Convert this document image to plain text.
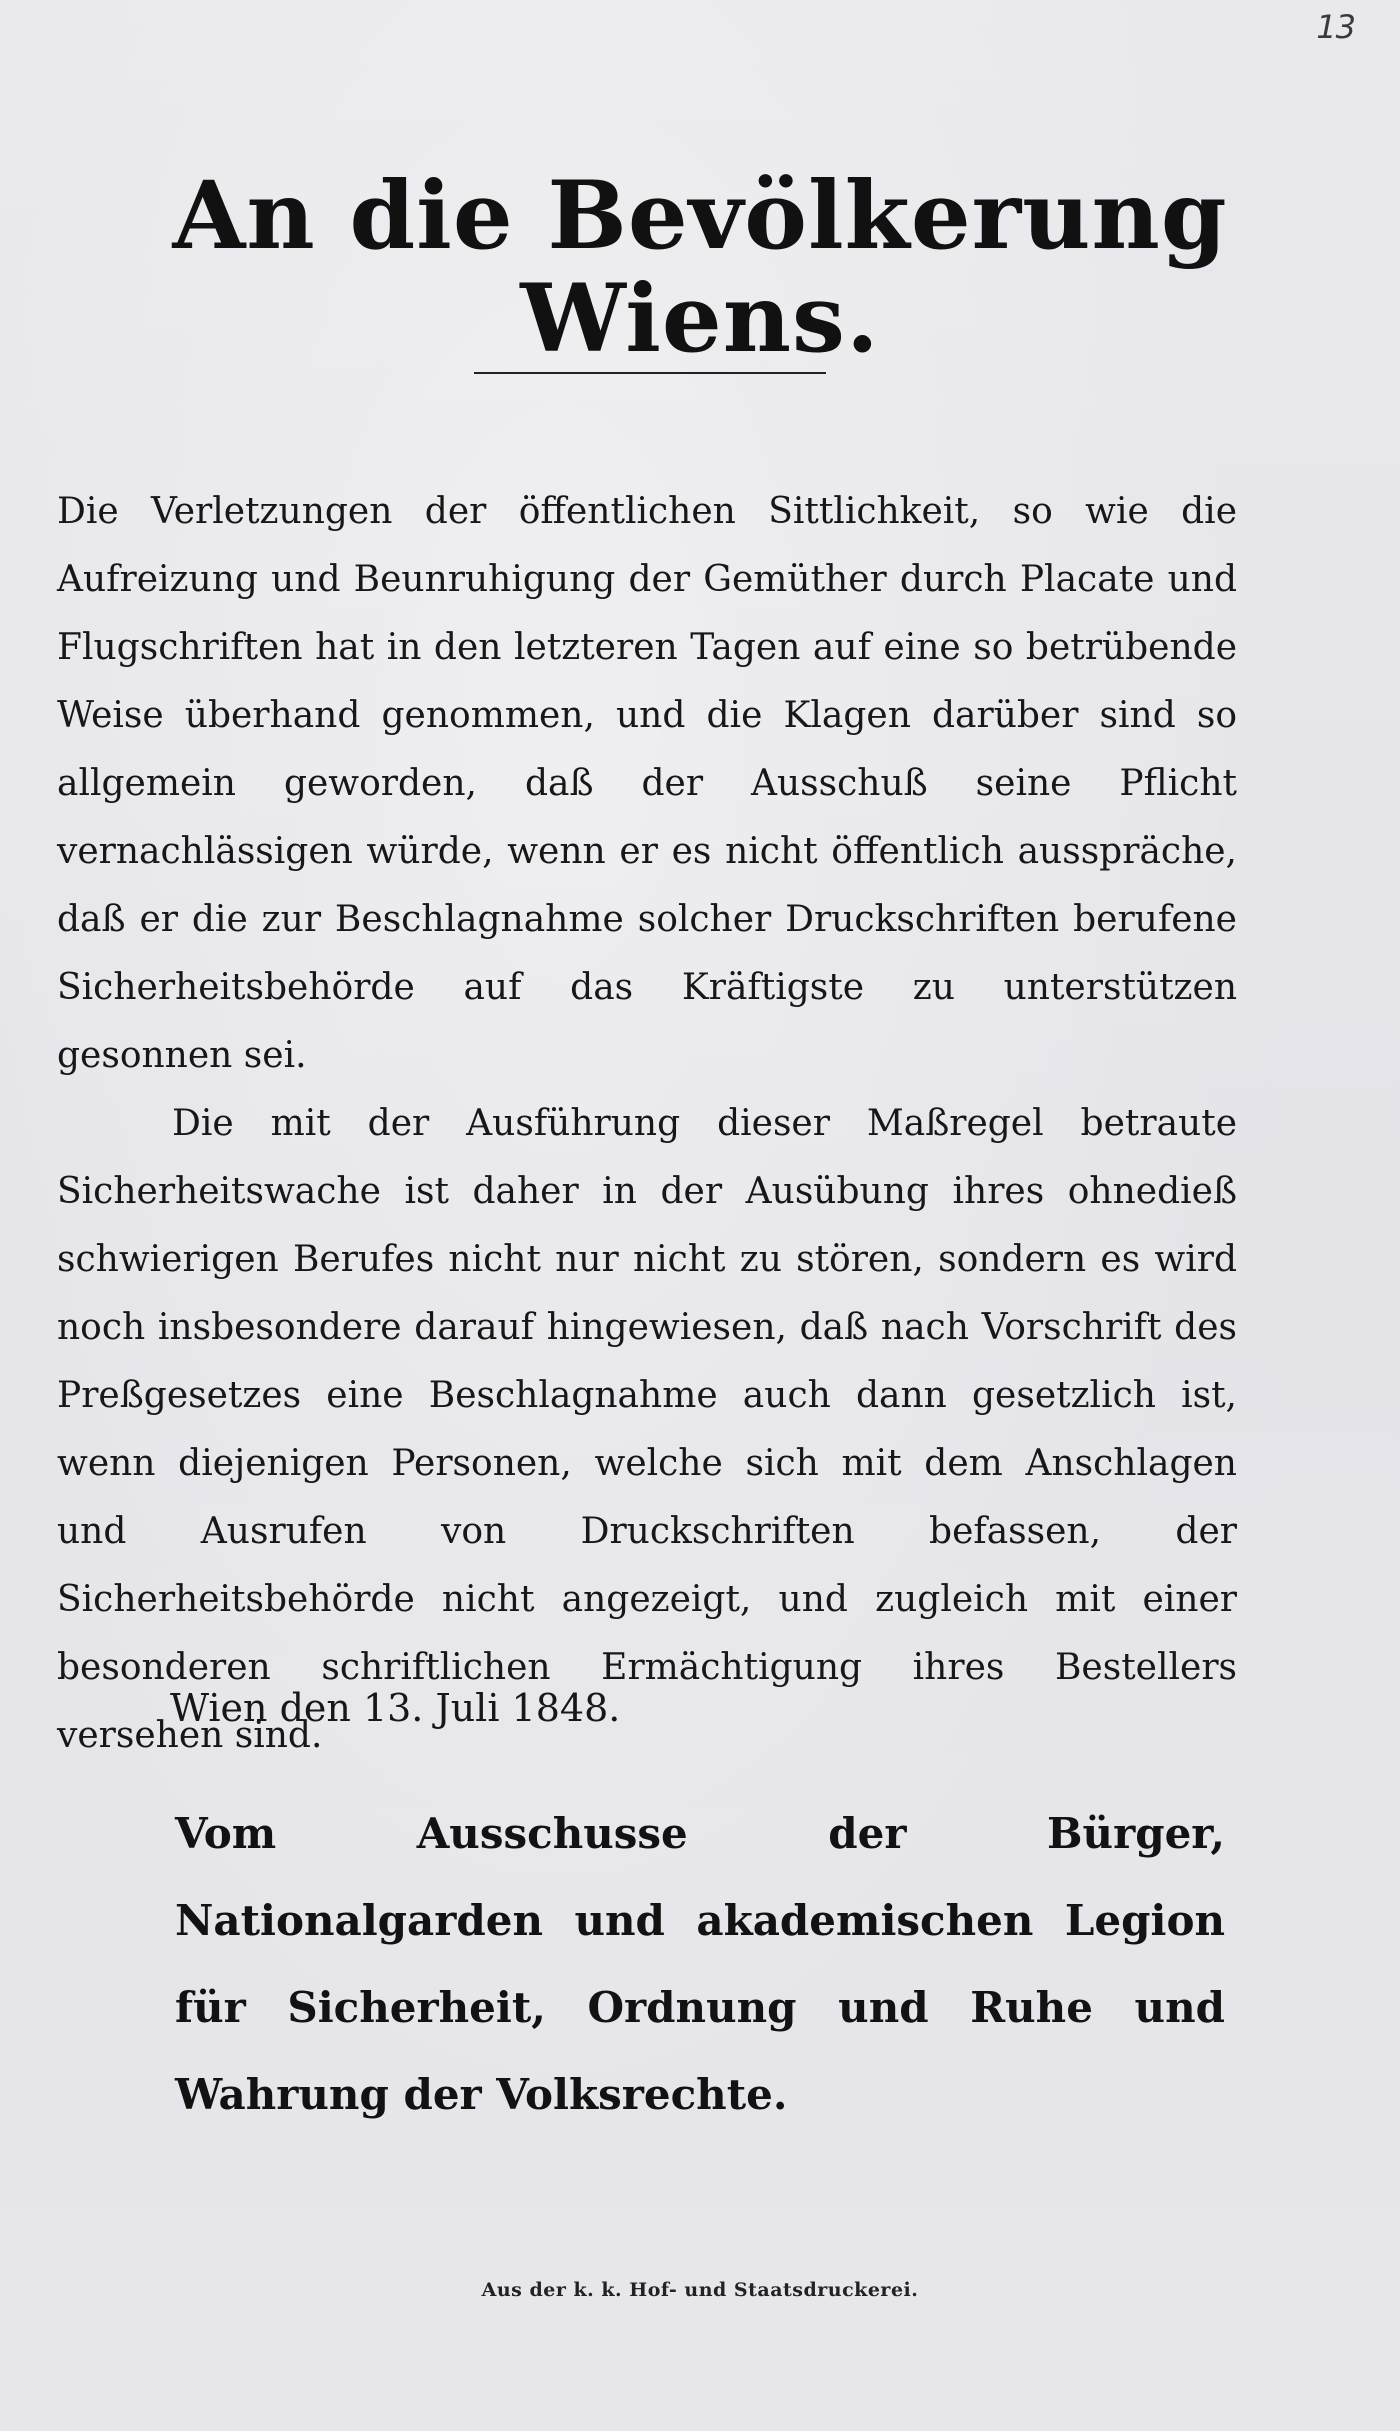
13
An die Bevölkerung Wiens.

Die Verletzungen der öffentlichen Sittlichkeit, so wie die Aufreizung und Beunruhigung der Gemüther durch Placate und Flugschriften hat in den letzteren Tagen auf eine so betrübende Weise überhand genommen, und die Klagen darüber sind so allgemein geworden, daß der Ausschuß seine Pflicht vernachlässigen würde, wenn er es nicht öffentlich ausspräche, daß er die zur Beschlagnahme solcher Druckschriften berufene Sicherheitsbehörde auf das Kräftigste zu unterstützen gesonnen sei.

Die mit der Ausführung dieser Maßregel betraute Sicherheitswache ist daher in der Ausübung ihres ohnedieß schwierigen Berufes nicht nur nicht zu stören, sondern es wird noch insbesondere darauf hingewiesen, daß nach Vorschrift des Preßgesetzes eine Beschlagnahme auch dann gesetzlich ist, wenn diejenigen Personen, welche sich mit dem Anschlagen und Ausrufen von Druckschriften befassen, der Sicherheitsbehörde nicht angezeigt, und zugleich mit einer besonderen schriftlichen Ermächtigung ihres Bestellers versehen sind.

Wien den 13. Juli 1848.

Vom Ausschusse der Bürger, Nationalgarden und akademischen Legion für Sicherheit, Ordnung und Ruhe und Wahrung der Volksrechte.

Aus der k. k. Hof- und Staatsdruckerei.
